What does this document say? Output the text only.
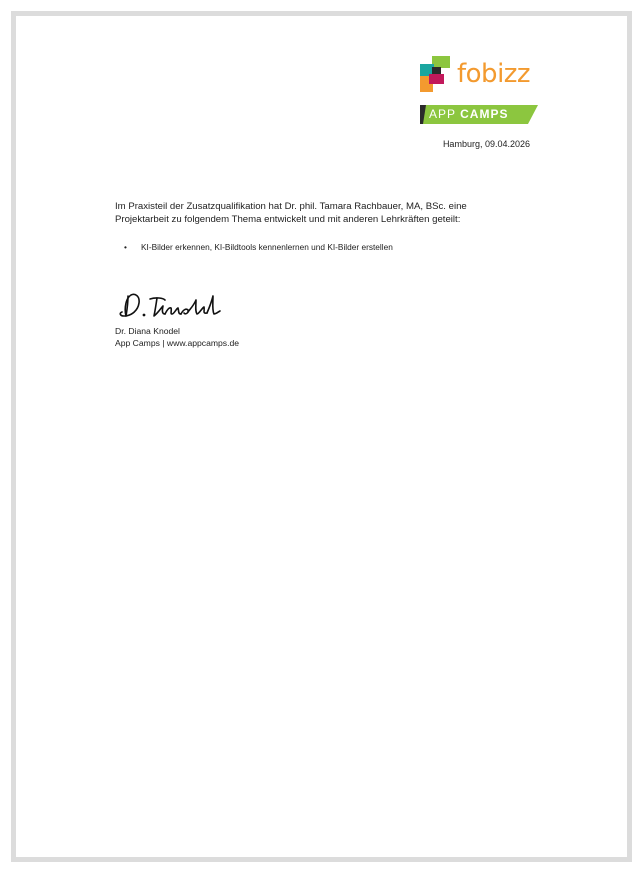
fobizz
APP CAMPS
Hamburg, 09.04.2026
Im Praxisteil der Zusatzqualifikation hat Dr. phil. Tamara Rachbauer, MA, BSc. eine
Projektarbeit zu folgendem Thema entwickelt und mit anderen Lehrkräften geteilt:
• KI-Bilder erkennen, KI-Bildtools kennenlernen und KI-Bilder erstellen
Dr. Diana Knodel
App Camps | www.appcamps.de
